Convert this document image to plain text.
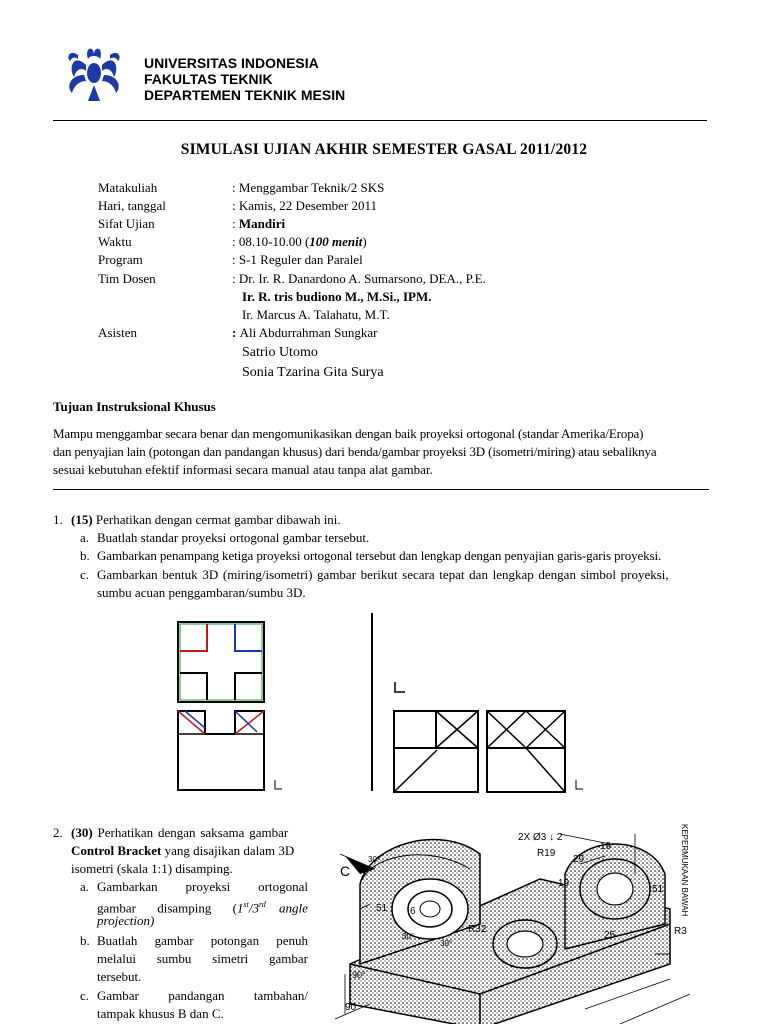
UNIVERSITAS INDONESIA
FAKULTAS TEKNIK
DEPARTEMEN TEKNIK MESIN
SIMULASI UJIAN AKHIR SEMESTER GASAL 2011/2012
Matakuliah	: Menggambar Teknik/2 SKS
Hari, tanggal	: Kamis, 22 Desember 2011
Sifat Ujian	: Mandiri
Waktu	: 08.10-10.00 (100 menit)
Program	: S-1 Reguler dan Paralel
Tim Dosen	: Dr. Ir. R. Danardono A. Sumarsono, DEA., P.E.
Ir. R. tris budiono M., M.Si., IPM.
Ir. Marcus A. Talahatu, M.T.
Asisten	: Ali Abdurrahman Sungkar
Satrio Utomo
Sonia Tzarina Gita Surya
Tujuan Instruksional Khusus
Mampu menggambar secara benar dan mengomunikasikan dengan baik proyeksi ortogonal (standar Amerika/Eropa)
dan penyajian lain (potongan dan pandangan khusus) dari benda/gambar proyeksi 3D (isometri/miring) atau sebaliknya
sesuai kebutuhan efektif informasi secara manual atau tanpa alat gambar.
1. (15) Perhatikan dengan cermat gambar dibawah ini.
a. Buatlah standar proyeksi ortogonal gambar tersebut.
b. Gambarkan penampang ketiga proyeksi ortogonal tersebut dan lengkap dengan penyajian garis-garis proyeksi.
c. Gambarkan bentuk 3D (miring/isometri) gambar berikut secara tepat dan lengkap dengan simbol proyeksi,
sumbu acuan penggambaran/sumbu 3D.
2. (30) Perhatikan dengan saksama gambar
Control Bracket yang disajikan dalam 3D
isometri (skala 1:1) disamping.
a. Gambarkan proyeksi ortogonal
gambar disamping (1st/3rd angle
projection)
b. Buatlah gambar potongan penuh
melalui sumbu simetri gambar
tersebut.
c. Gambar pandangan tambahan/
tampak khusus B dan C.
2X Ø3 ↓ 2
R19
29
19
19
51
51
6
30°
30°
30°
R32
25	R3
90°
90
C	KEPERMUKAAN BAWAH
